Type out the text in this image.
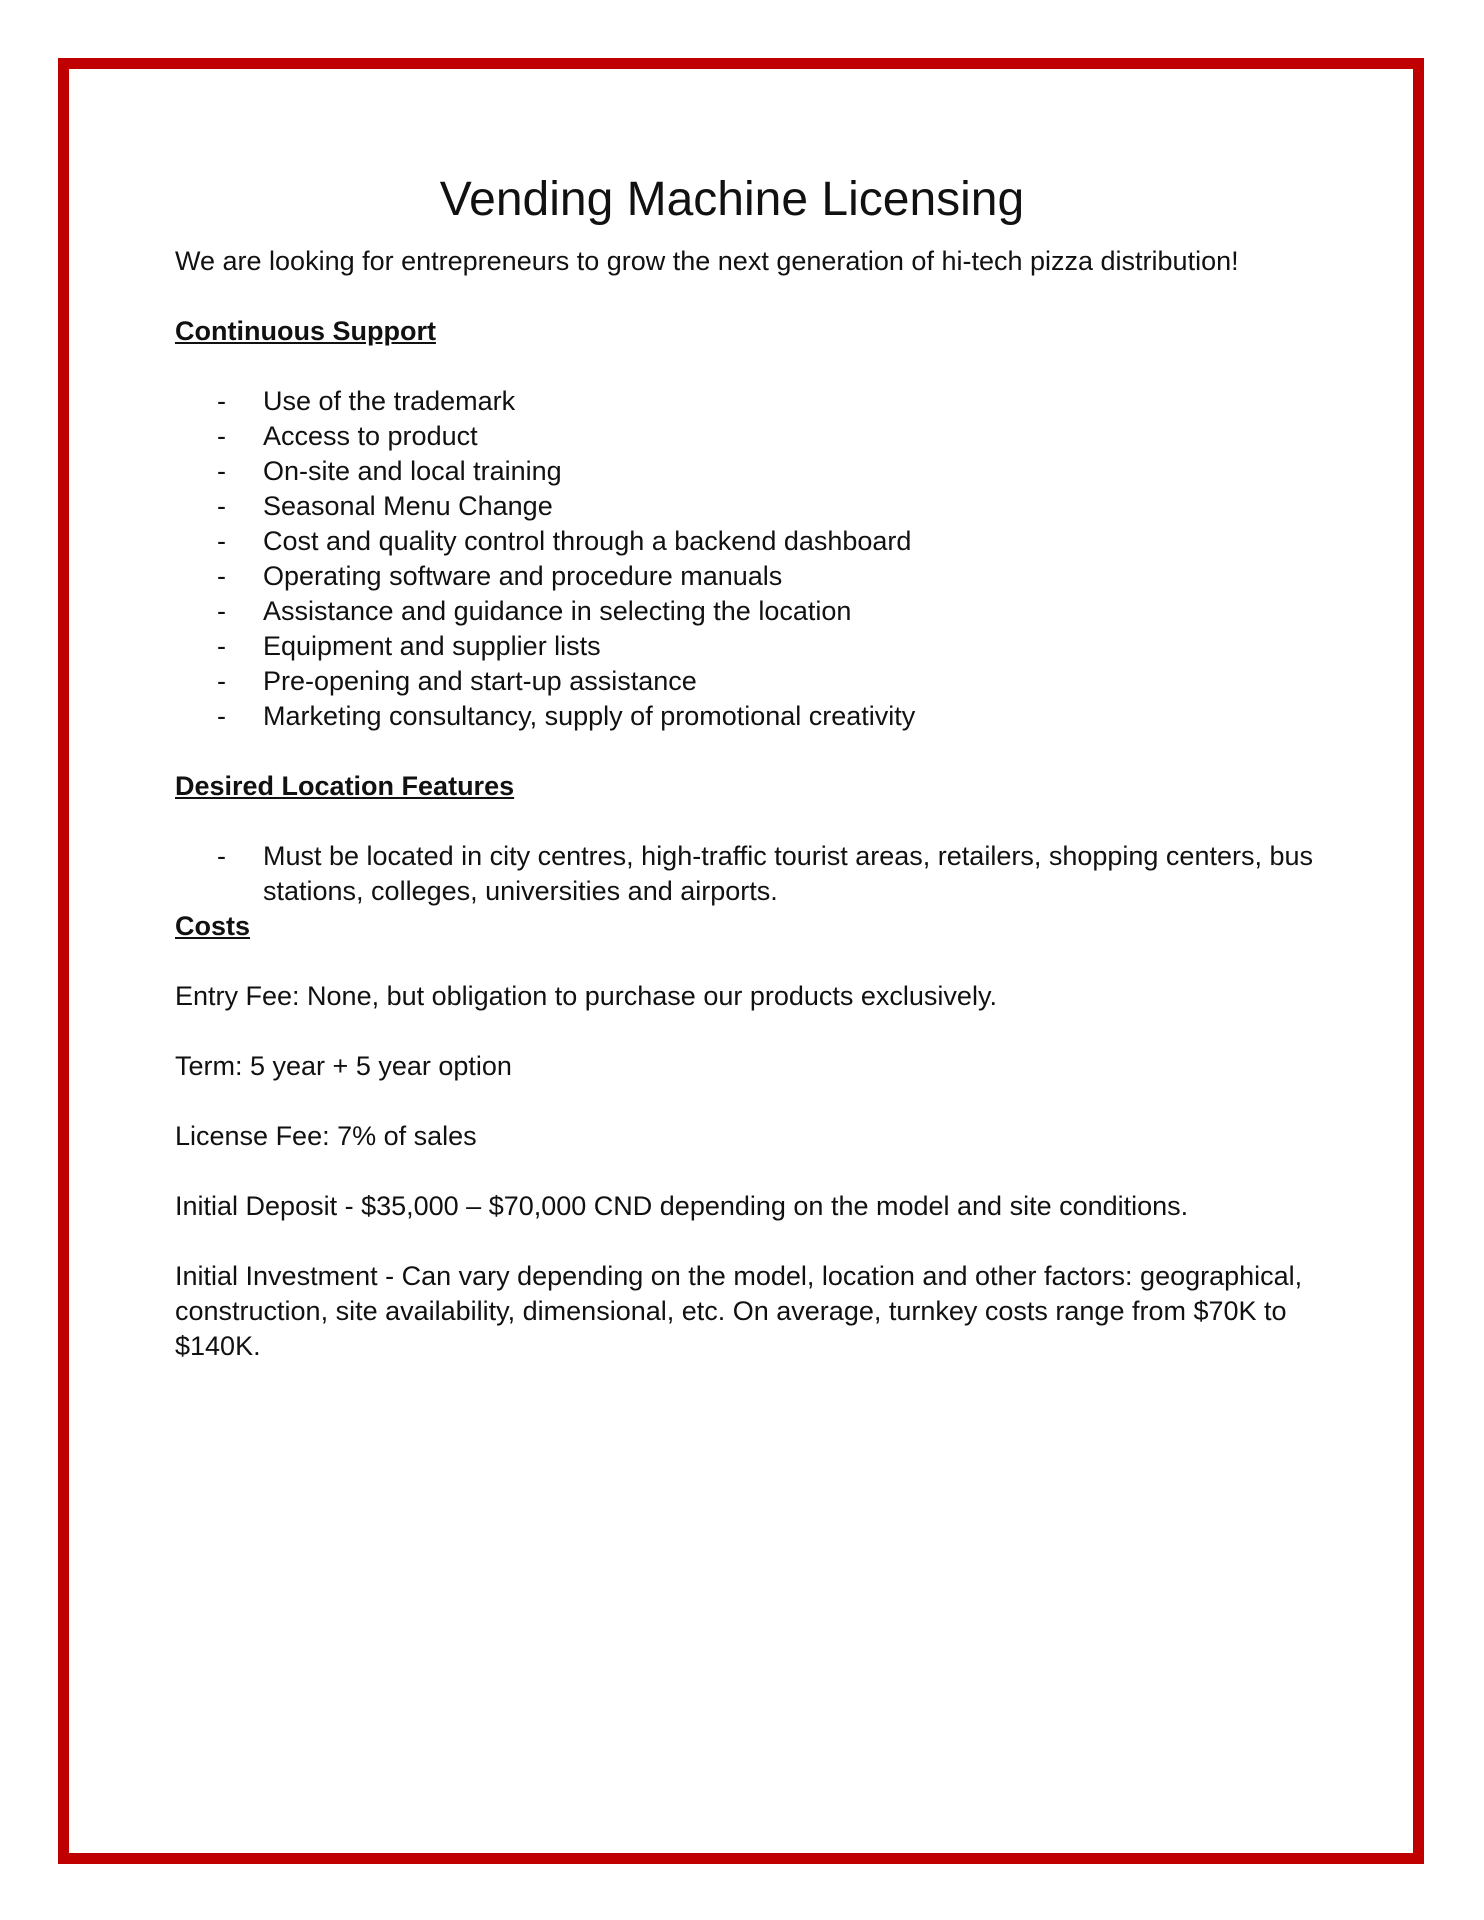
Vending Machine Licensing

We are looking for entrepreneurs to grow the next generation of hi-tech pizza distribution!

Continuous Support

- Use of the trademark
- Access to product
- On-site and local training
- Seasonal Menu Change
- Cost and quality control through a backend dashboard
- Operating software and procedure manuals
- Assistance and guidance in selecting the location
- Equipment and supplier lists
- Pre-opening and start-up assistance
- Marketing consultancy, supply of promotional creativity

Desired Location Features

- Must be located in city centres, high-traffic tourist areas, retailers, shopping centers, bus stations, colleges, universities and airports.

Costs

Entry Fee: None, but obligation to purchase our products exclusively.

Term: 5 year + 5 year option

License Fee: 7% of sales

Initial Deposit - $35,000 – $70,000 CND depending on the model and site conditions.

Initial Investment - Can vary depending on the model, location and other factors: geographical, construction, site availability, dimensional, etc. On average, turnkey costs range from $70K to $140K.
